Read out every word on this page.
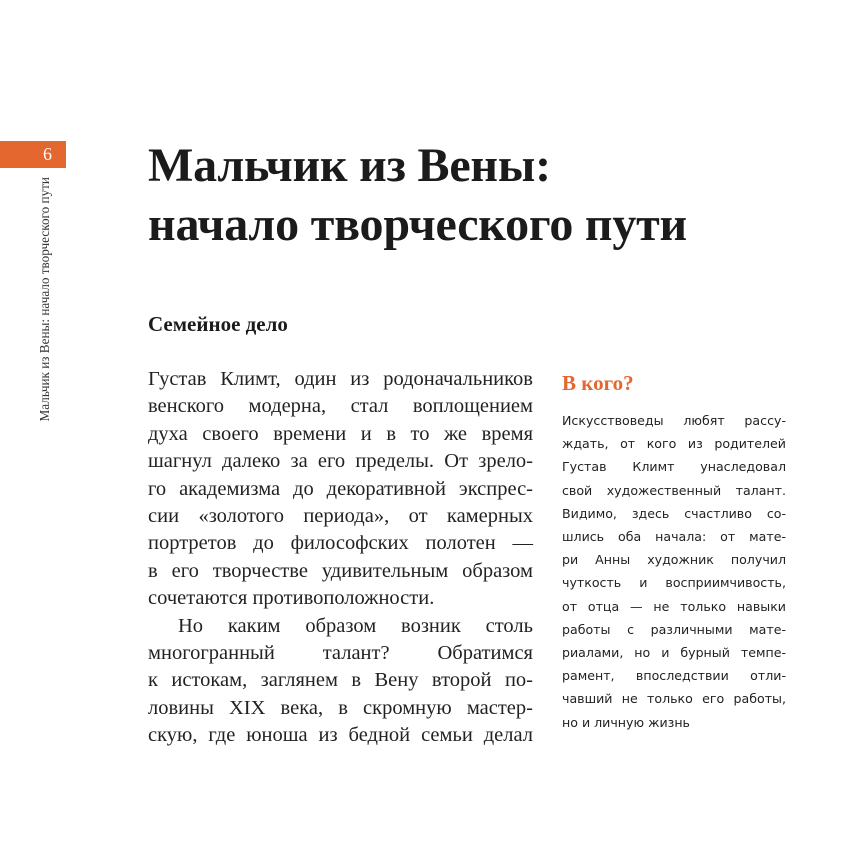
6
Мальчик из Вены: начало творческого пути
Мальчик из Вены:
начало творческого пути
Семейное дело

Густав Климт, один из родоначальников

венского модерна, стал воплощением

духа своего времени и в то же время

шагнул далеко за его пределы. От зрело-

го академизма до декоративной экспрес-

сии «золотого периода», от камерных

портретов до философских полотен —

в его творчестве удивительным образом

сочетаются противоположности.

Но каким образом возник столь

многогранный талант? Обратимся

к истокам, заглянем в Вену второй по-

ловины XIX века, в скромную мастер-

скую, где юноша из бедной семьи делал

В кого?

Искусствоведы любят рассу-

ждать, от кого из родителей

Густав Климт унаследовал

свой художественный талант.

Видимо, здесь счастливо со-

шлись оба начала: от мате-

ри Анны художник получил

чуткость и восприимчивость,

от отца — не только навыки

работы с различными мате-

риалами, но и бурный темпе-

рамент, впоследствии отли-

чавший не только его работы,

но и личную жизнь
